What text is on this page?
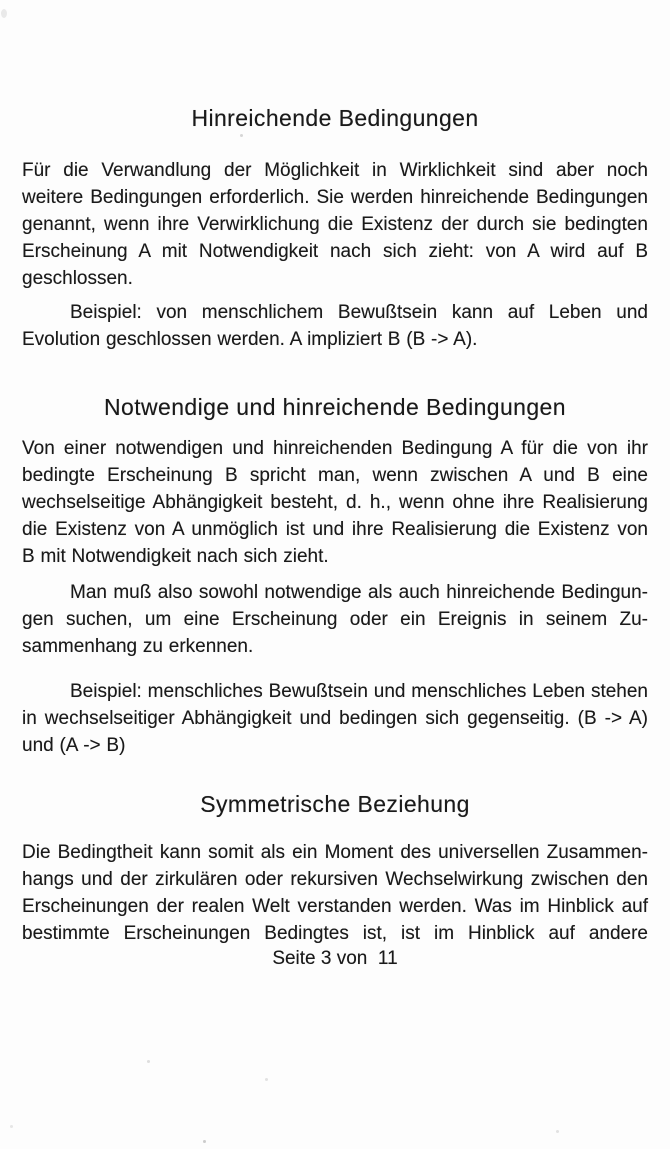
Hinreichende Bedingungen
Für die Verwandlung der Möglichkeit in Wirklichkeit sind aber noch
weitere Bedingungen erforderlich. Sie werden hinreichende Bedingungen
genannt, wenn ihre Verwirklichung die Existenz der durch sie bedingten
Erscheinung A mit Notwendigkeit nach sich zieht: von A wird auf B
geschlossen.
Beispiel: von menschlichem Bewußtsein kann auf Leben und
Evolution geschlossen werden. A impliziert B (B -> A).
Notwendige und hinreichende Bedingungen
Von einer notwendigen und hinreichenden Bedingung A für die von ihr
bedingte Erscheinung B spricht man, wenn zwischen A und B eine
wechselseitige Abhängigkeit besteht, d. h., wenn ohne ihre Realisierung
die Existenz von A unmöglich ist und ihre Realisierung die Existenz von
B mit Notwendigkeit nach sich zieht.
Man muß also sowohl notwendige als auch hinreichende Bedingun-
gen suchen, um eine Erscheinung oder ein Ereignis in seinem Zu-
sammenhang zu erkennen.
Beispiel: menschliches Bewußtsein und menschliches Leben stehen
in wechselseitiger Abhängigkeit und bedingen sich gegenseitig. (B -> A)
und (A -> B)
Symmetrische Beziehung
Die Bedingtheit kann somit als ein Moment des universellen Zusammen-
hangs und der zirkulären oder rekursiven Wechselwirkung zwischen den
Erscheinungen der realen Welt verstanden werden. Was im Hinblick auf
bestimmte Erscheinungen Bedingtes ist, ist im Hinblick auf andere
Seite 3 von  11
